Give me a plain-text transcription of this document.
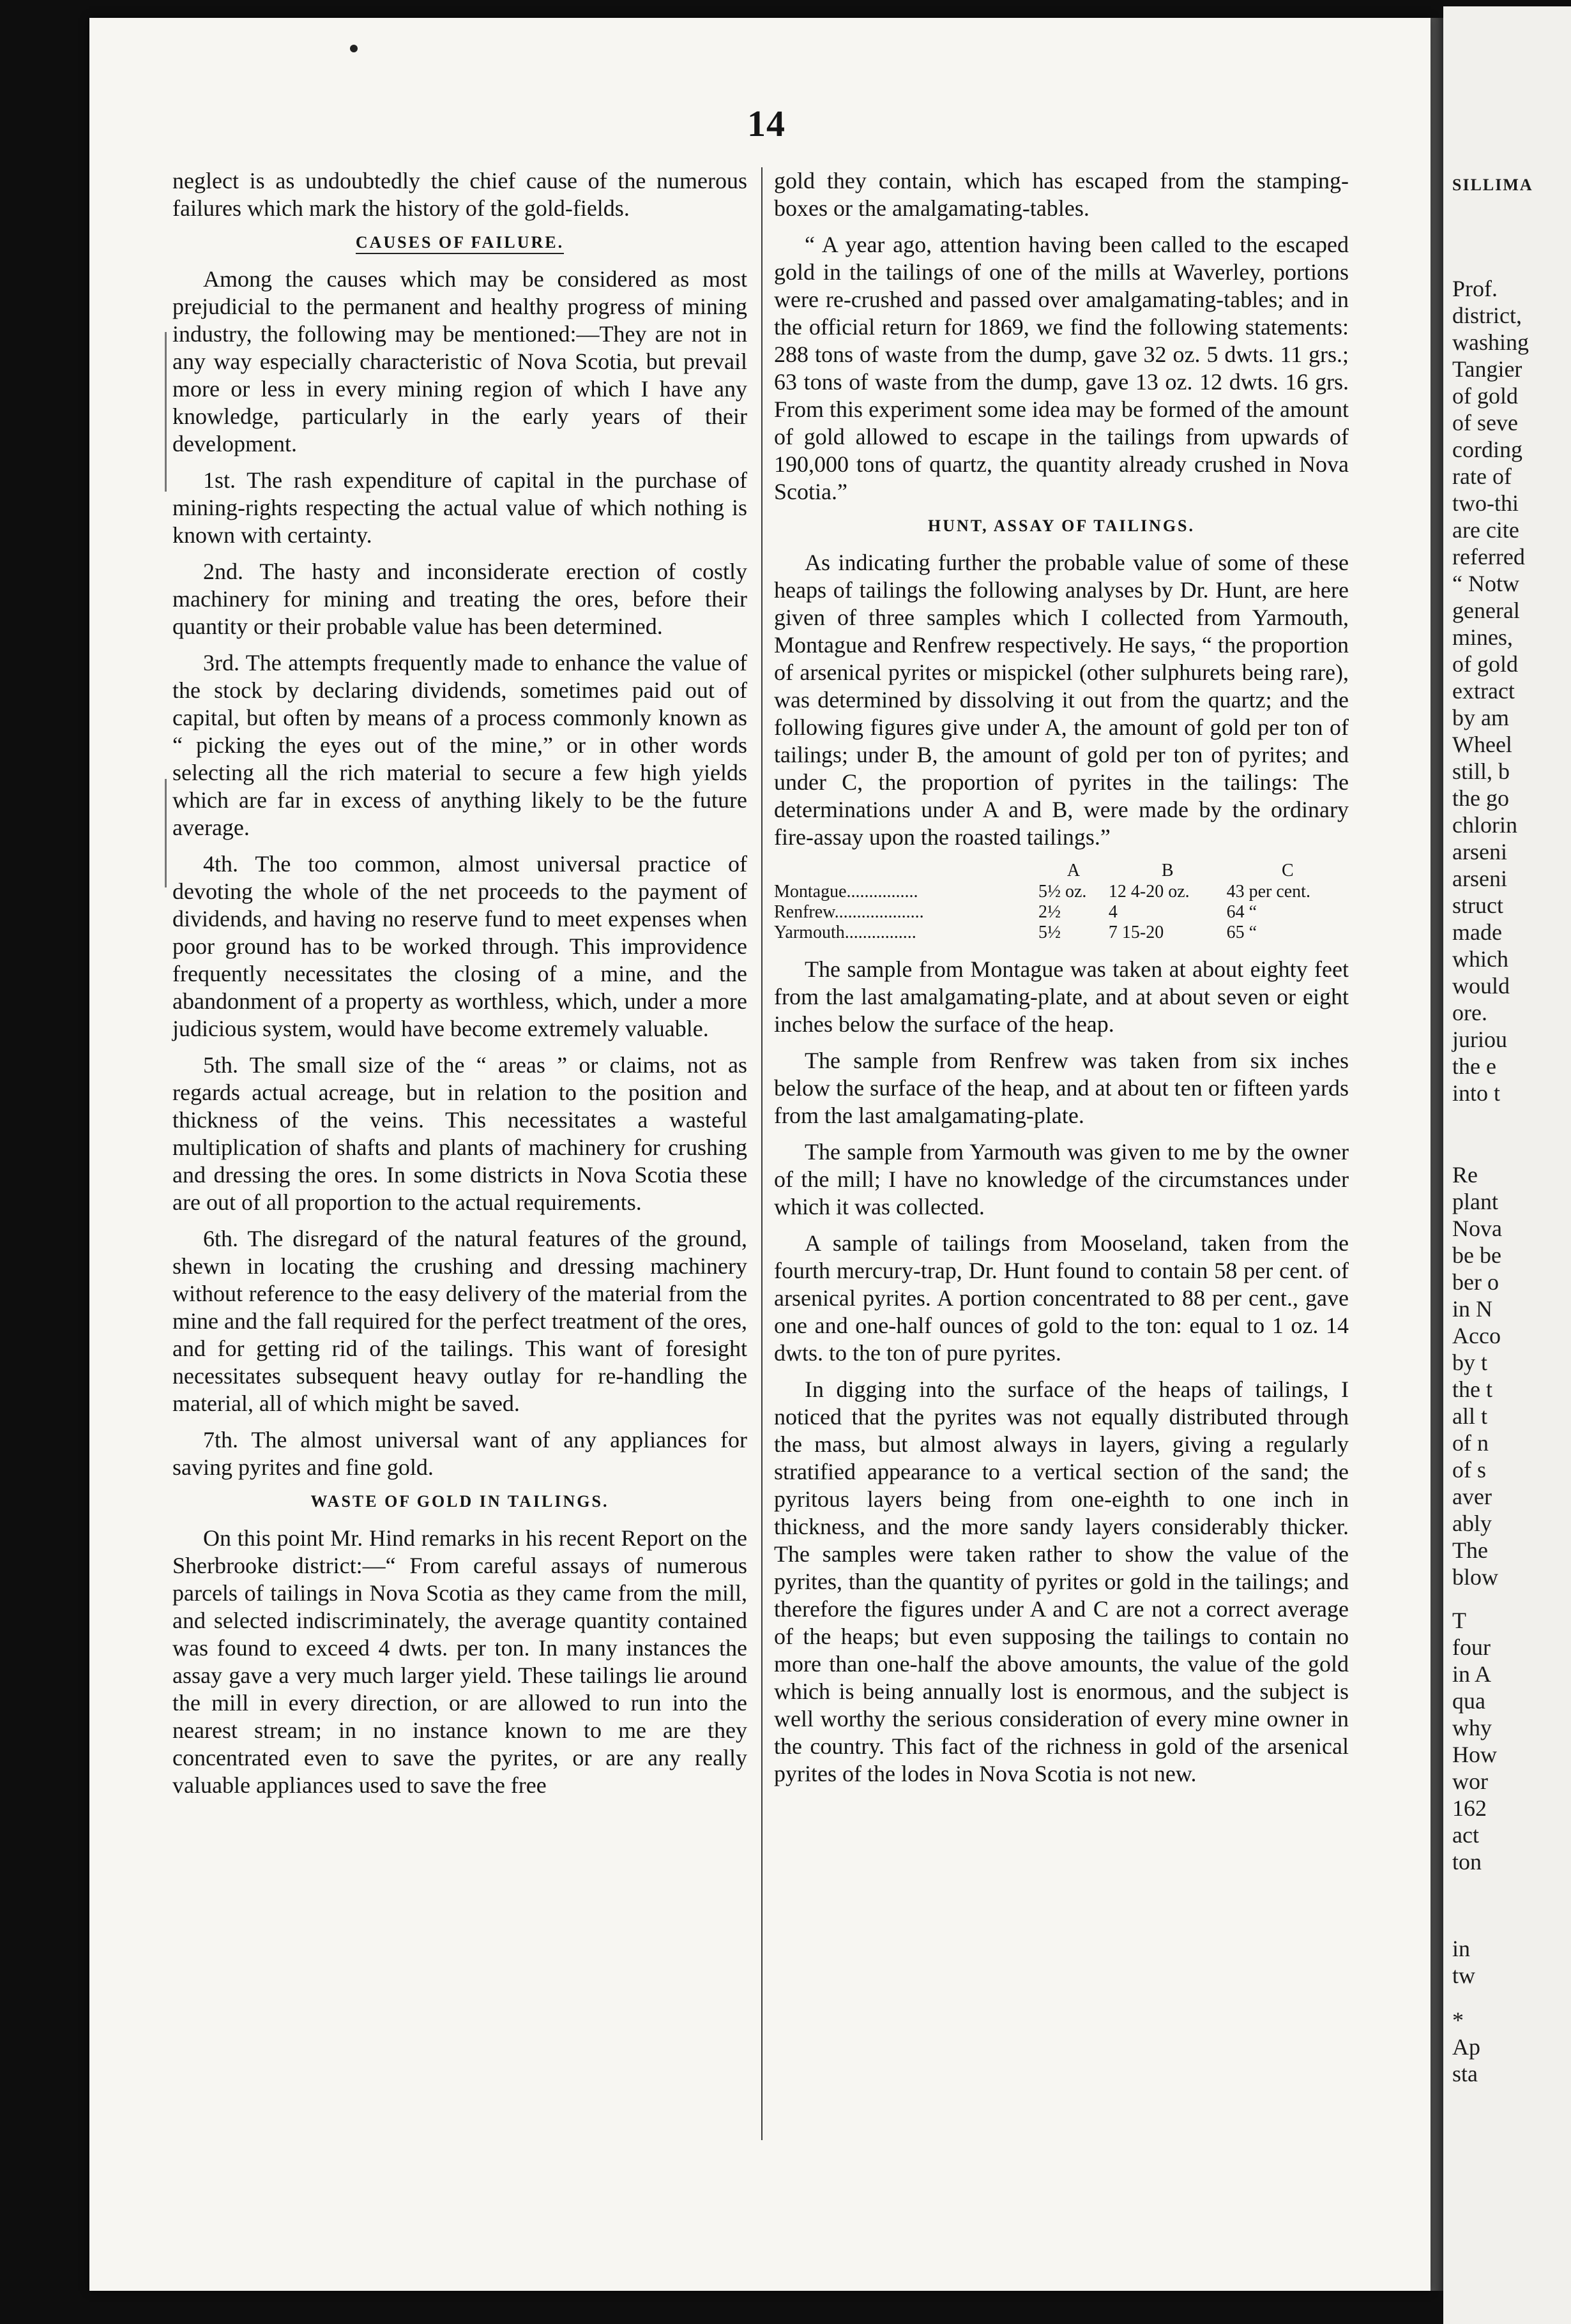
SILLIMA
Prof.
district,
washing
Tangier
of gold
of seve
cording
rate of
two-thi
are cite
referred
“ Notw
general
mines,
of gold
extract
by am
Wheel
still, b
the go
chlorin
arseni
arseni
struct
made
which
would
ore.
juriou
the e
into t
Re
plant
Nova
be be
ber o
in N
Acco
by t
the t
all t
of n
of s
aver
ably
The
blow
T
four
in A
qua
why
How
wor
162
act
ton
in
tw
*
Ap
sta
14

neglect is as undoubtedly the chief cause of the numerous failures which mark the history of the gold-fields.

CAUSES OF FAILURE.

Among the causes which may be considered as most prejudicial to the permanent and healthy progress of mining industry, the following may be mentioned:—They are not in any way especially characteristic of Nova Scotia, but prevail more or less in every mining region of which I have any knowledge, particularly in the early years of their development.

1st. The rash expenditure of capital in the purchase of mining-rights respecting the actual value of which nothing is known with certainty.

2nd. The hasty and inconsiderate erection of costly machinery for mining and treating the ores, before their quantity or their probable value has been determined.

3rd. The attempts frequently made to enhance the value of the stock by declaring dividends, sometimes paid out of capital, but often by means of a process commonly known as “ picking the eyes out of the mine,” or in other words selecting all the rich material to secure a few high yields which are far in excess of anything likely to be the future average.

4th. The too common, almost universal practice of devoting the whole of the net proceeds to the payment of dividends, and having no reserve fund to meet expenses when poor ground has to be worked through. This improvidence frequently necessitates the closing of a mine, and the abandonment of a property as worthless, which, under a more judicious system, would have become extremely valuable.

5th. The small size of the “ areas ” or claims, not as regards actual acreage, but in relation to the position and thickness of the veins. This necessitates a wasteful multiplication of shafts and plants of machinery for crushing and dressing the ores. In some districts in Nova Scotia these are out of all proportion to the actual requirements.

6th. The disregard of the natural features of the ground, shewn in locating the crushing and dressing machinery without reference to the easy delivery of the material from the mine and the fall required for the perfect treatment of the ores, and for getting rid of the tailings. This want of foresight necessitates subsequent heavy outlay for re-handling the material, all of which might be saved.

7th. The almost universal want of any appliances for saving pyrites and fine gold.

WASTE OF GOLD IN TAILINGS.

On this point Mr. Hind remarks in his recent Report on the Sherbrooke district:—“ From careful assays of numerous parcels of tailings in Nova Scotia as they came from the mill, and selected indiscriminately, the average quantity contained was found to exceed 4 dwts. per ton. In many instances the assay gave a very much larger yield. These tailings lie around the mill in every direction, or are allowed to run into the nearest stream; in no instance known to me are they concentrated even to save the pyrites, or are any really valuable appliances used to save the free

gold they contain, which has escaped from the stamping-boxes or the amalgamating-tables.

“ A year ago, attention having been called to the escaped gold in the tailings of one of the mills at Waverley, portions were re-crushed and passed over amalgamating-tables; and in the official return for 1869, we find the following statements: 288 tons of waste from the dump, gave 32 oz. 5 dwts. 11 grs.; 63 tons of waste from the dump, gave 13 oz. 12 dwts. 16 grs. From this experiment some idea may be formed of the amount of gold allowed to escape in the tailings from upwards of 190,000 tons of quartz, the quantity already crushed in Nova Scotia.”

HUNT, ASSAY OF TAILINGS.

As indicating further the probable value of some of these heaps of tailings the following analyses by Dr. Hunt, are here given of three samples which I collected from Yarmouth, Montague and Renfrew respectively. He says, “ the proportion of arsenical pyrites or mispickel (other sulphurets being rare), was determined by dissolving it out from the quartz; and the following figures give under A, the amount of gold per ton of tailings; under B, the amount of gold per ton of pyrites; and under C, the proportion of pyrites in the tailings: The determinations under A and B, were made by the ordinary fire-assay upon the roasted tailings.”

	A	B	C
Montague................	5½ oz.	12 4-20 oz.	43 per cent.
Renfrew....................	2½	4	64 “
Yarmouth................	5½	7 15-20	65 “

The sample from Montague was taken at about eighty feet from the last amalgamating-plate, and at about seven or eight inches below the surface of the heap.

The sample from Renfrew was taken from six inches below the surface of the heap, and at about ten or fifteen yards from the last amalgamating-plate.

The sample from Yarmouth was given to me by the owner of the mill; I have no knowledge of the circumstances under which it was collected.

A sample of tailings from Mooseland, taken from the fourth mercury-trap, Dr. Hunt found to contain 58 per cent. of arsenical pyrites. A portion concentrated to 88 per cent., gave one and one-half ounces of gold to the ton: equal to 1 oz. 14 dwts. to the ton of pure pyrites.

In digging into the surface of the heaps of tailings, I noticed that the pyrites was not equally distributed through the mass, but almost always in layers, giving a regularly stratified appearance to a vertical section of the sand; the pyritous layers being from one-eighth to one inch in thickness, and the more sandy layers considerably thicker. The samples were taken rather to show the value of the pyrites, than the quantity of pyrites or gold in the tailings; and therefore the figures under A and C are not a correct average of the heaps; but even supposing the tailings to contain no more than one-half the above amounts, the value of the gold which is being annually lost is enormous, and the subject is well worthy the serious consideration of every mine owner in the country. This fact of the richness in gold of the arsenical pyrites of the lodes in Nova Scotia is not new.
